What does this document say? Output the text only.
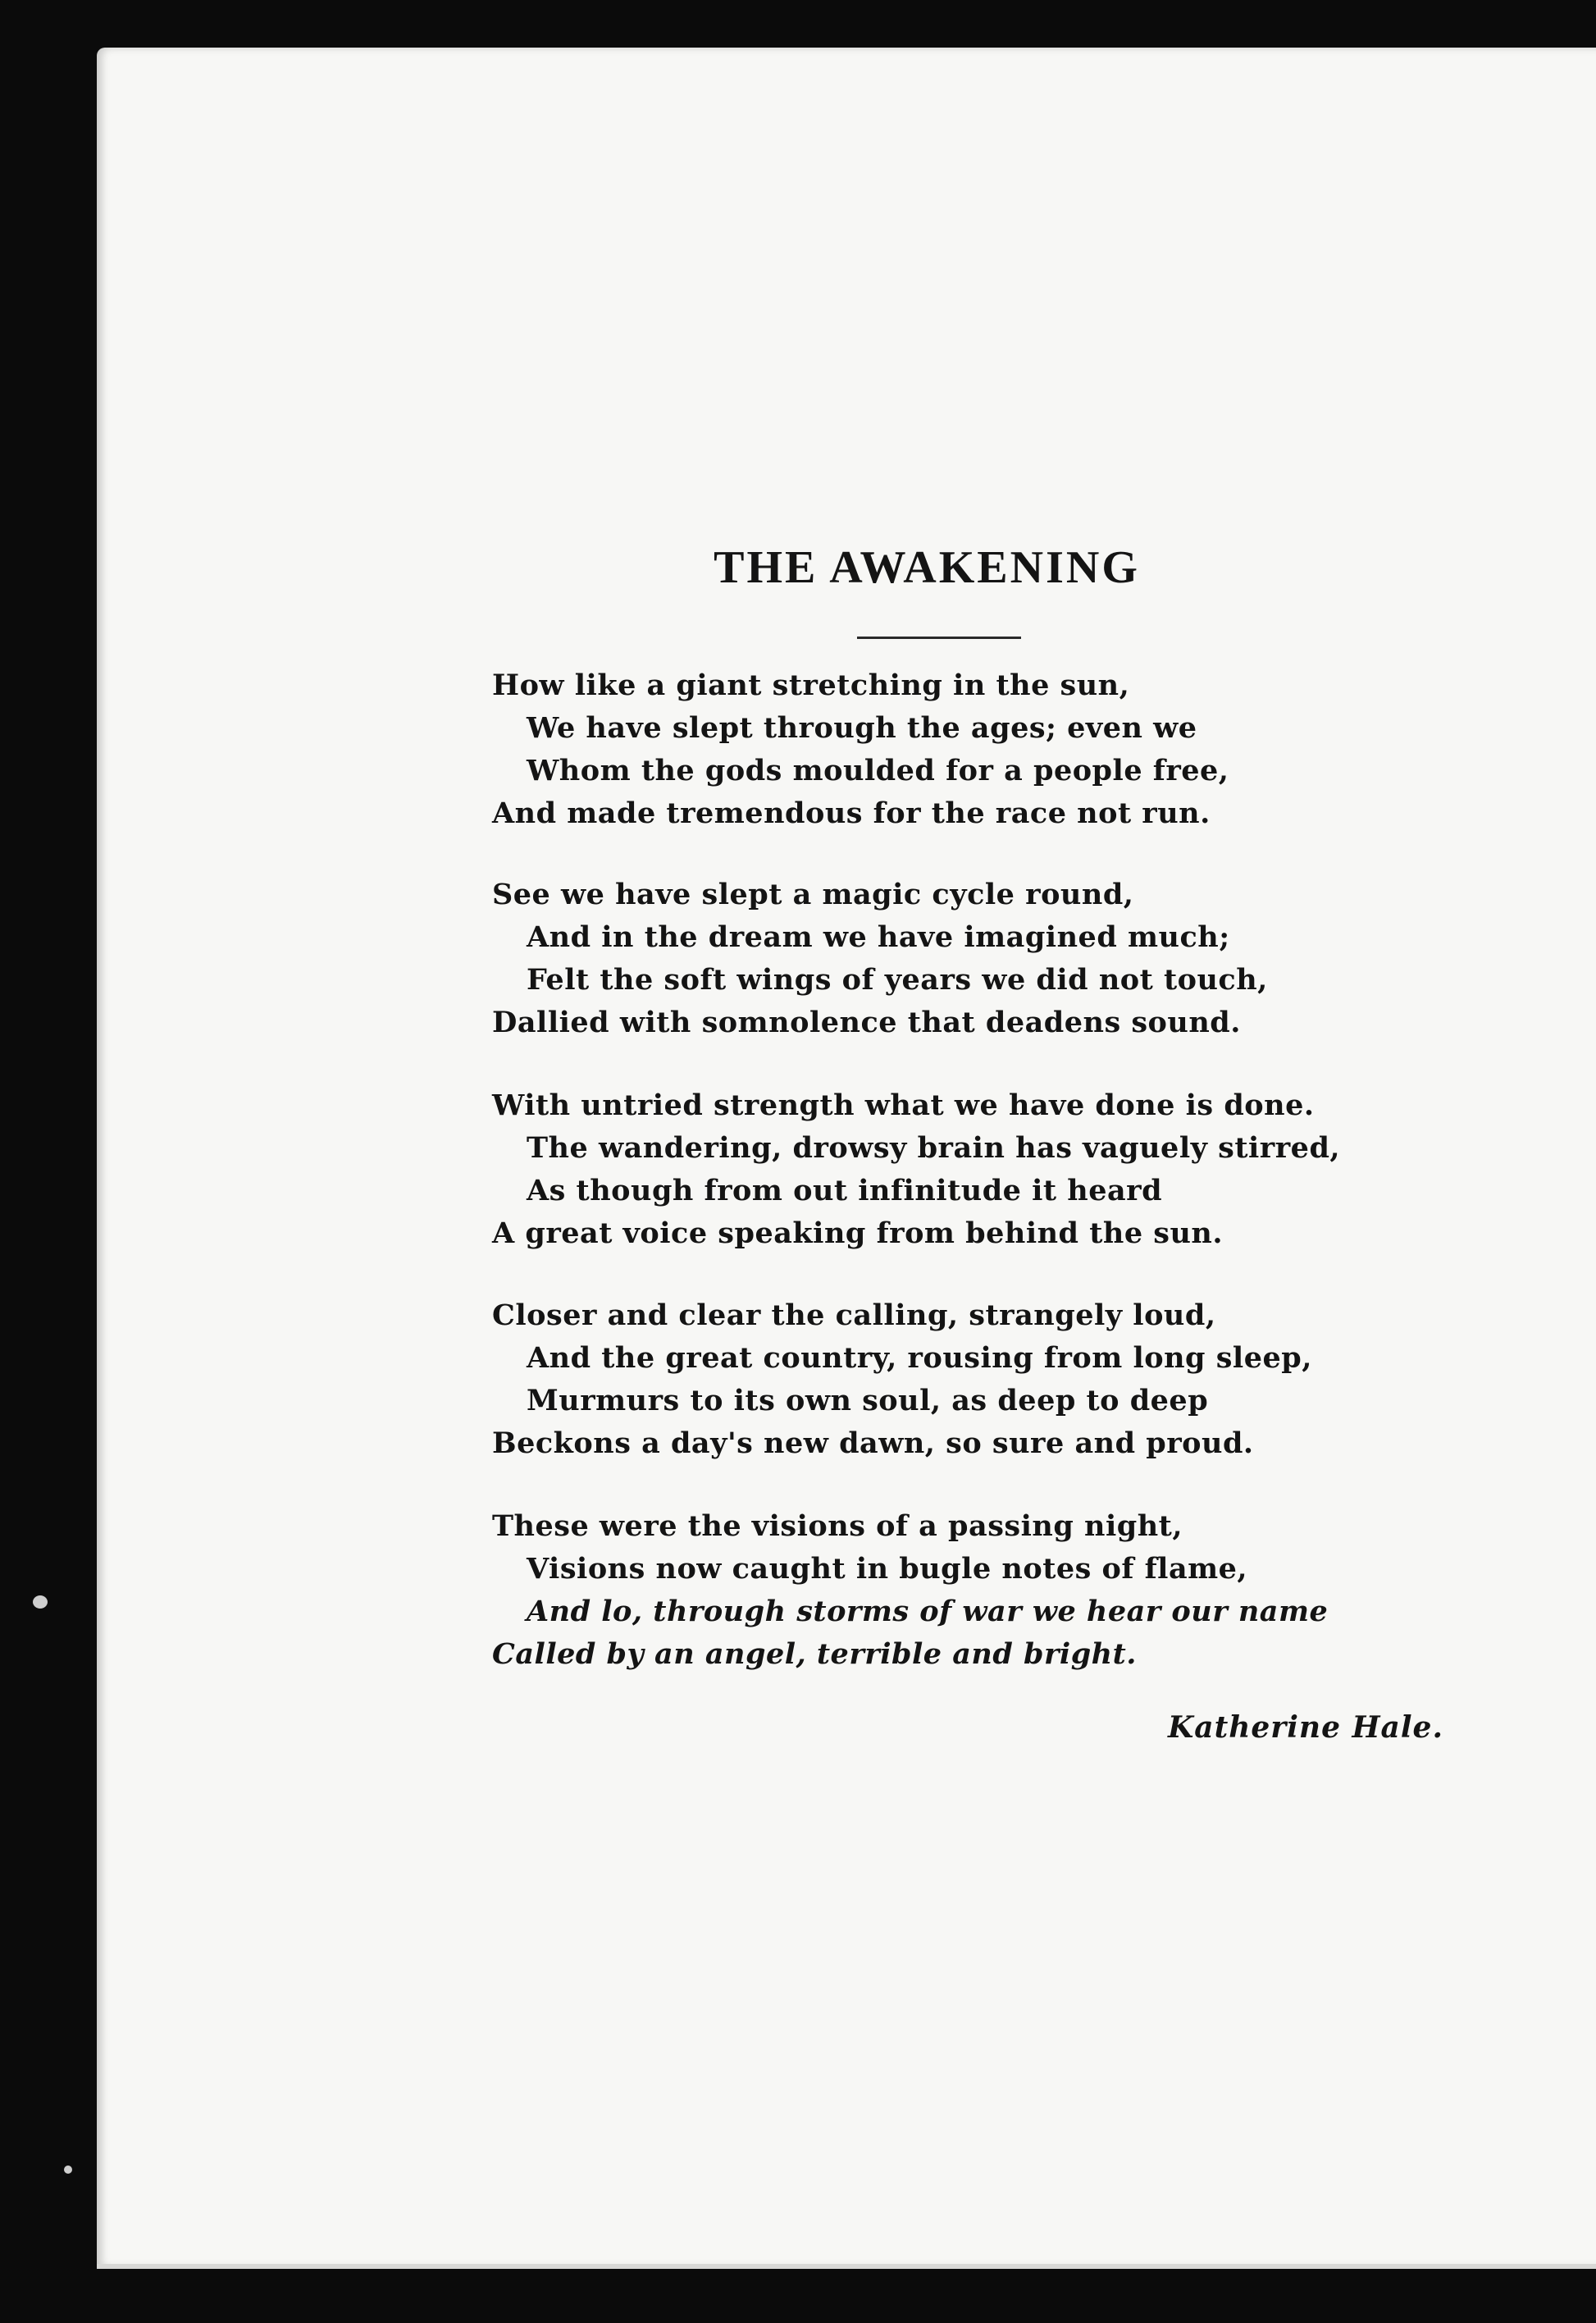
THE AWAKENING
How like a giant stretching in the sun,
We have slept through the ages; even we
Whom the gods moulded for a people free,
And made tremendous for the race not run.
See we have slept a magic cycle round,
And in the dream we have imagined much;
Felt the soft wings of years we did not touch,
Dallied with somnolence that deadens sound.
With untried strength what we have done is done.
The wandering, drowsy brain has vaguely stirred,
As though from out infinitude it heard
A great voice speaking from behind the sun.
Closer and clear the calling, strangely loud,
And the great country, rousing from long sleep,
Murmurs to its own soul, as deep to deep
Beckons a day's new dawn, so sure and proud.
These were the visions of a passing night,
Visions now caught in bugle notes of flame,
And lo, through storms of war we hear our name
Called by an angel, terrible and bright.
Katherine Hale.
